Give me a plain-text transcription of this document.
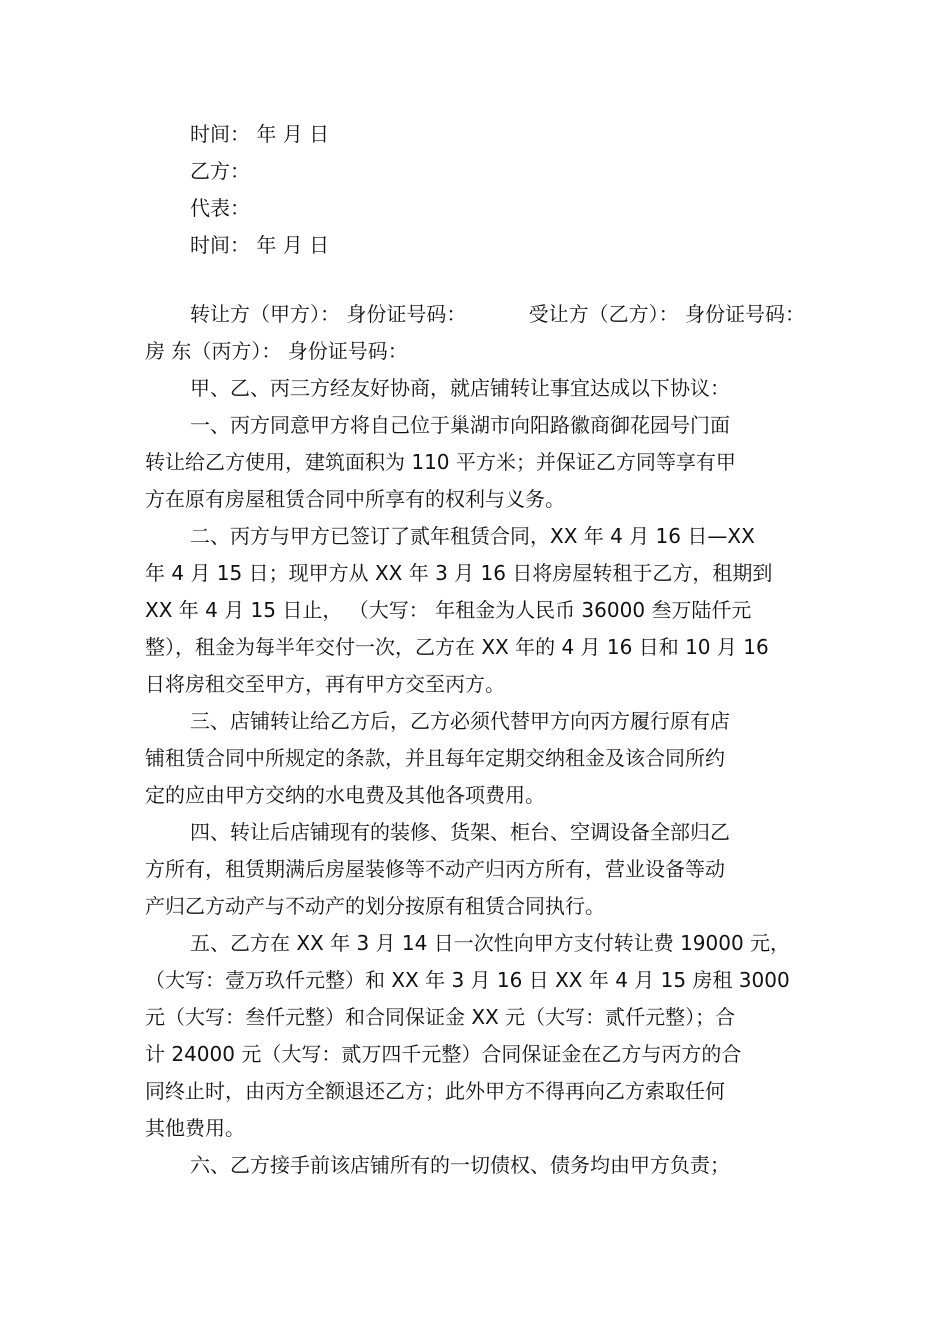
时间： 年 月 日
乙方：
代表：
时间： 年 月 日
转让方（甲方）： 身份证号码：	受让方（乙方）： 身份证号码：
房 东（丙方）： 身份证号码：
甲、乙、丙三方经友好协商，就店铺转让事宜达成以下协议：
一、丙方同意甲方将自己位于巢湖市向阳路徽商御花园号门面
转让给乙方使用，建筑面积为 110 平方米；并保证乙方同等享有甲
方在原有房屋租赁合同中所享有的权利与义务。
二、丙方与甲方已签订了贰年租赁合同，XX 年 4 月 16 日—XX
年 4 月 15 日；现甲方从 XX 年 3 月 16 日将房屋转租于乙方，租期到
XX 年 4 月 15 日止， （大写： 年租金为人民币 36000 叁万陆仟元
整），租金为每半年交付一次，乙方在 XX 年的 4 月 16 日和 10 月 16
日将房租交至甲方，再有甲方交至丙方。
三、店铺转让给乙方后，乙方必须代替甲方向丙方履行原有店
铺租赁合同中所规定的条款，并且每年定期交纳租金及该合同所约
定的应由甲方交纳的水电费及其他各项费用。
四、转让后店铺现有的装修、货架、柜台、空调设备全部归乙
方所有，租赁期满后房屋装修等不动产归丙方所有，营业设备等动
产归乙方动产与不动产的划分按原有租赁合同执行。
五、乙方在 XX 年 3 月 14 日一次性向甲方支付转让费 19000 元，
（大写：壹万玖仟元整）和 XX 年 3 月 16 日 XX 年 4 月 15 房租 3000
元（大写：叁仟元整）和合同保证金 XX 元（大写：贰仟元整）；合
计 24000 元（大写：贰万四千元整）合同保证金在乙方与丙方的合
同终止时，由丙方全额退还乙方；此外甲方不得再向乙方索取任何
其他费用。
六、乙方接手前该店铺所有的一切债权、债务均由甲方负责；
